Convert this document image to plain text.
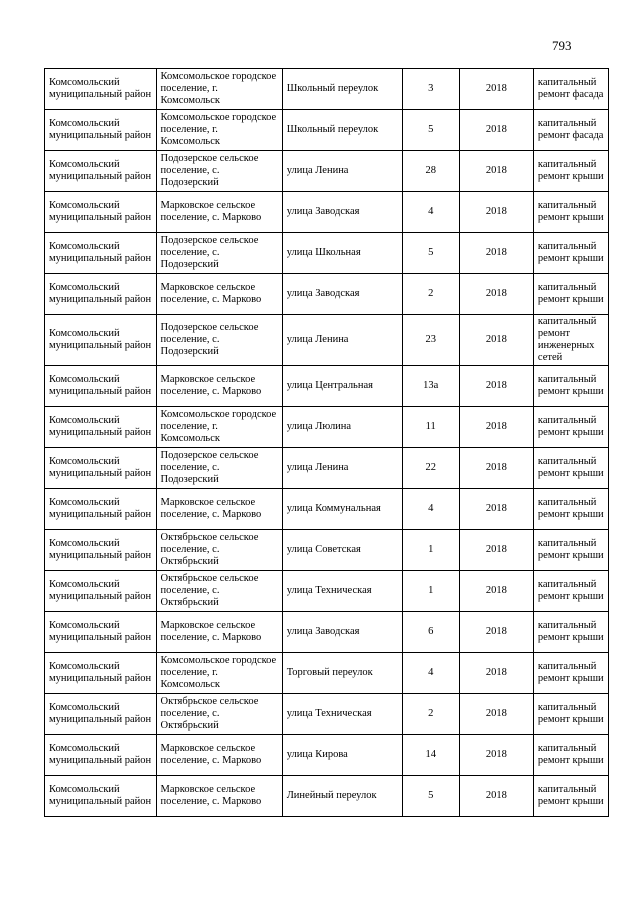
793
Комсомольский муниципальный район	Комсомольское городское поселение, г. Комсомольск	Школьный переулок	3	2018	капитальный ремонт фасада
Комсомольский муниципальный район	Комсомольское городское поселение, г. Комсомольск	Школьный переулок	5	2018	капитальный ремонт фасада
Комсомольский муниципальный район	Подозерское сельское поселение, с. Подозерский	улица Ленина	28	2018	капитальный ремонт крыши
Комсомольский муниципальный район	Марковское сельское поселение, с. Марково	улица Заводская	4	2018	капитальный ремонт крыши
Комсомольский муниципальный район	Подозерское сельское поселение, с. Подозерский	улица Школьная	5	2018	капитальный ремонт крыши
Комсомольский муниципальный район	Марковское сельское поселение, с. Марково	улица Заводская	2	2018	капитальный ремонт крыши
Комсомольский муниципальный район	Подозерское сельское поселение, с. Подозерский	улица Ленина	23	2018	капитальный ремонт инженерных сетей
Комсомольский муниципальный район	Марковское сельское поселение, с. Марково	улица Центральная	13а	2018	капитальный ремонт крыши
Комсомольский муниципальный район	Комсомольское городское поселение, г. Комсомольск	улица Люлина	11	2018	капитальный ремонт крыши
Комсомольский муниципальный район	Подозерское сельское поселение, с. Подозерский	улица Ленина	22	2018	капитальный ремонт крыши
Комсомольский муниципальный район	Марковское сельское поселение, с. Марково	улица Коммунальная	4	2018	капитальный ремонт крыши
Комсомольский муниципальный район	Октябрьское сельское поселение, с. Октябрьский	улица Советская	1	2018	капитальный ремонт крыши
Комсомольский муниципальный район	Октябрьское сельское поселение, с. Октябрьский	улица Техническая	1	2018	капитальный ремонт крыши
Комсомольский муниципальный район	Марковское сельское поселение, с. Марково	улица Заводская	6	2018	капитальный ремонт крыши
Комсомольский муниципальный район	Комсомольское городское поселение, г. Комсомольск	Торговый переулок	4	2018	капитальный ремонт крыши
Комсомольский муниципальный район	Октябрьское сельское поселение, с. Октябрьский	улица Техническая	2	2018	капитальный ремонт крыши
Комсомольский муниципальный район	Марковское сельское поселение, с. Марково	улица Кирова	14	2018	капитальный ремонт крыши
Комсомольский муниципальный район	Марковское сельское поселение, с. Марково	Линейный переулок	5	2018	капитальный ремонт крыши
